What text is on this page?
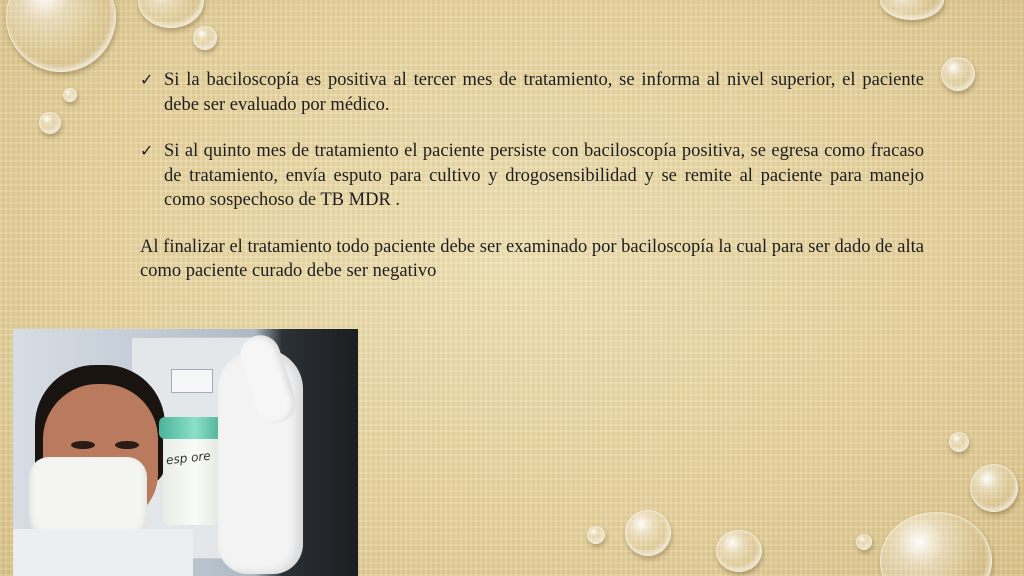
✓ Si la baciloscopía es positiva al tercer mes de tratamiento, se informa al nivel superior, el paciente debe ser evaluado por médico.
✓ Si al quinto mes de tratamiento el paciente persiste con baciloscopía positiva, se egresa como fracaso de tratamiento, envía esputo para cultivo y drogosensibilidad y se remite al paciente para manejo como sospechoso de TB MDR .
Al finalizar el tratamiento todo paciente debe ser examinado por baciloscopía la cual para ser dado de alta como paciente curado debe ser negativo
esp ore
